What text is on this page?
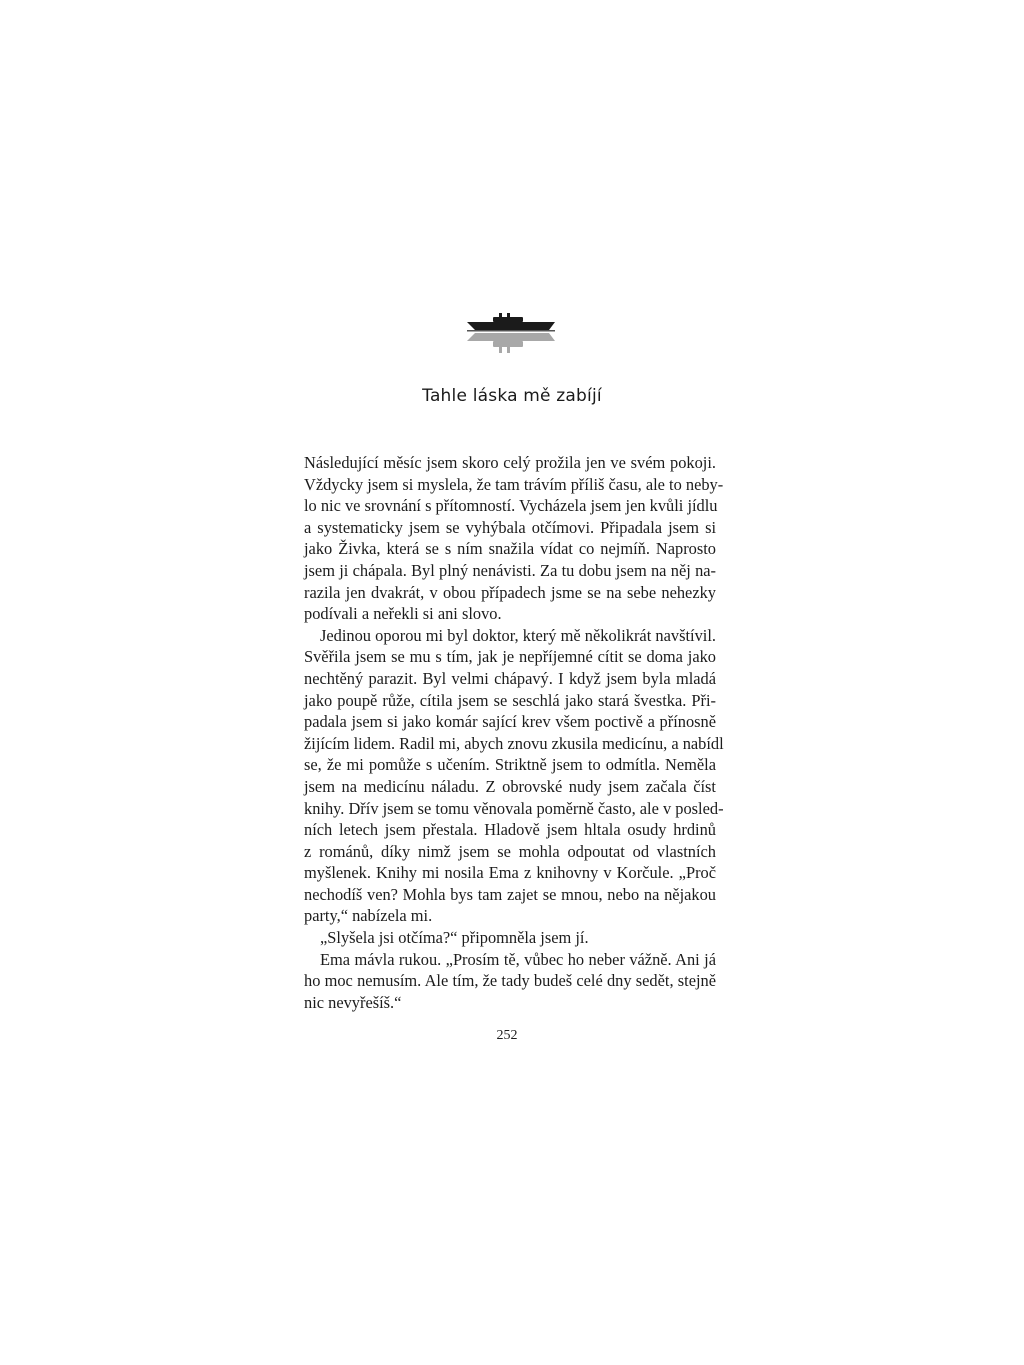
Tahle láska mě zabíjí
Následující měsíc jsem skoro celý prožila jen ve svém pokoji.
Vždycky jsem si myslela, že tam trávím příliš času, ale to neby-
lo nic ve srovnání s přítomností. Vycházela jsem jen kvůli jídlu
a systematicky jsem se vyhýbala otčímovi. Připadala jsem si
jako Živka, která se s ním snažila vídat co nejmíň. Naprosto
jsem ji chápala. Byl plný nenávisti. Za tu dobu jsem na něj na-
razila jen dvakrát, v obou případech jsme se na sebe nehezky
podívali a neřekli si ani slovo.
Jedinou oporou mi byl doktor, který mě několikrát navštívil.
Svěřila jsem se mu s tím, jak je nepříjemné cítit se doma jako
nechtěný parazit. Byl velmi chápavý. I když jsem byla mladá
jako poupě růže, cítila jsem se seschlá jako stará švestka. Při-
padala jsem si jako komár sající krev všem poctivě a přínosně
žijícím lidem. Radil mi, abych znovu zkusila medicínu, a nabídl
se, že mi pomůže s učením. Striktně jsem to odmítla. Neměla
jsem na medicínu náladu. Z obrovské nudy jsem začala číst
knihy. Dřív jsem se tomu věnovala poměrně často, ale v posled-
ních letech jsem přestala. Hladově jsem hltala osudy hrdinů
z románů, díky nimž jsem se mohla odpoutat od vlastních
myšlenek. Knihy mi nosila Ema z knihovny v Korčule. „Proč
nechodíš ven? Mohla bys tam zajet se mnou, nebo na nějakou
party,“ nabízela mi.
„Slyšela jsi otčíma?“ připomněla jsem jí.
Ema mávla rukou. „Prosím tě, vůbec ho neber vážně. Ani já
ho moc nemusím. Ale tím, že tady budeš celé dny sedět, stejně
nic nevyřešíš.“
252
